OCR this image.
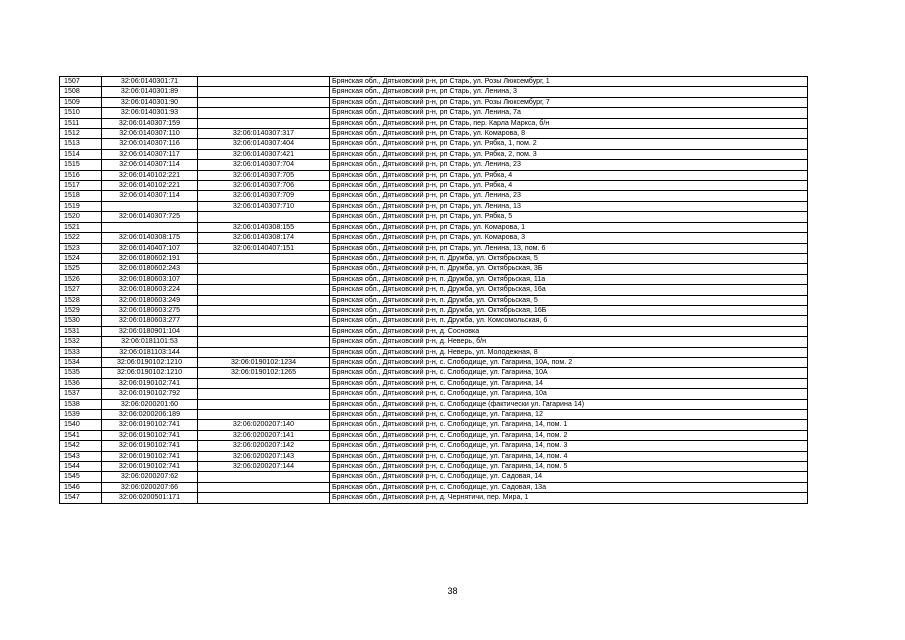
1507	32:06:0140301:71		Брянская обл., Дятьковский р-н, рп Старь, ул. Розы Люксембург, 1
1508	32:06:0140301:89		Брянская обл., Дятьковский р-н, рп Старь, ул. Ленина, 3
1509	32:06:0140301:90		Брянская обл., Дятьковский р-н, рп Старь, ул. Розы Люксембург, 7
1510	32:06:0140301:93		Брянская обл., Дятьковский р-н, рп Старь, ул. Ленина, 7а
1511	32:06:0140307:159		Брянская обл., Дятьковский р-н, рп Старь, пер. Карла Маркса, б/н
1512	32:06:0140307:110	32:06:0140307:317	Брянская обл., Дятьковский р-н, рп Старь, ул. Комарова, 8
1513	32:06:0140307:116	32:06:0140307:404	Брянская обл., Дятьковский р-н, рп Старь, ул. Рябка, 1, пом. 2
1514	32:06:0140307:117	32:06:0140307:421	Брянская обл., Дятьковский р-н, рп Старь, ул. Рябка, 2, пом. 3
1515	32:06:0140307:114	32:06:0140307:704	Брянская обл., Дятьковский р-н, рп Старь, ул. Ленина, 23
1516	32:06:0140102:221	32:06:0140307:705	Брянская обл., Дятьковский р-н, рп Старь, ул. Рябка, 4
1517	32:06:0140102:221	32:06:0140307:706	Брянская обл., Дятьковский р-н, рп Старь, ул. Рябка, 4
1518	32:06:0140307:114	32:06:0140307:709	Брянская обл., Дятьковский р-н, рп Старь, ул. Ленина, 23
1519		32:06:0140307:710	Брянская обл., Дятьковский р-н, рп Старь, ул. Ленина, 13
1520	32:06:0140307:725		Брянская обл., Дятьковский р-н, рп Старь, ул. Рябка, 5
1521		32:06:0140308:155	Брянская обл., Дятьковский р-н, рп Старь, ул. Комарова, 1
1522	32:06:0140308:175	32:06:0140308:174	Брянская обл., Дятьковский р-н, рп Старь, ул. Комарова, 3
1523	32:06:0140407:107	32:06:0140407:151	Брянская обл., Дятьковский р-н, рп Старь, ул. Ленина, 13, пом. 6
1524	32:06:0180602:191		Брянская обл., Дятьковский р-н, п. Дружба, ул. Октябрьская, 5
1525	32:06:0180602:243		Брянская обл., Дятьковский р-н, п. Дружба, ул. Октябрьская, 3Б
1526	32:06:0180603:107		Брянская обл., Дятьковский р-н, п. Дружба, ул. Октябрьская, 11а
1527	32:06:0180603:224		Брянская обл., Дятьковский р-н, п. Дружба, ул. Октябрьская, 16а
1528	32:06:0180603:249		Брянская обл., Дятьковский р-н, п. Дружба, ул. Октябрьская, 5
1529	32:06:0180603:275		Брянская обл., Дятьковский р-н, п. Дружба, ул. Октябрьская, 16Б
1530	32:06:0180603:277		Брянская обл., Дятьковский р-н, п. Дружба, ул. Комсомольская, 6
1531	32:06:0180901:104		Брянская обл., Дятьковский р-н, д. Сосновка
1532	32:06:0181101:53		Брянская обл., Дятьковский р-н, д. Неверь, б/н
1533	32:06:0181103:144		Брянская обл., Дятьковский р-н, д. Неверь, ул. Молодежная, 8
1534	32:06:0190102:1210	32:06:0190102:1234	Брянская обл., Дятьковский р-н, с. Слободище, ул. Гагарина, 10А, пом. 2
1535	32:06:0190102:1210	32:06:0190102:1265	Брянская обл., Дятьковский р-н, с. Слободище, ул. Гагарина, 10А
1536	32:06:0190102:741		Брянская обл., Дятьковский р-н, с. Слободище, ул. Гагарина, 14
1537	32:06:0190102:792		Брянская обл., Дятьковский р-н, с. Слободище, ул. Гагарина, 10а
1538	32:06:0200201:60		Брянская обл., Дятьковский р-н, с. Слободище (фактически ул. Гагарина 14)
1539	32:06:0200206:189		Брянская обл., Дятьковский р-н, с. Слободище, ул. Гагарина, 12
1540	32:06:0190102:741	32:06:0200207:140	Брянская обл., Дятьковский р-н, с. Слободище, ул. Гагарина, 14, пом. 1
1541	32:06:0190102:741	32:06:0200207:141	Брянская обл., Дятьковский р-н, с. Слободище, ул. Гагарина, 14, пом. 2
1542	32:06:0190102:741	32:06:0200207:142	Брянская обл., Дятьковский р-н, с. Слободище, ул. Гагарина, 14, пом. 3
1543	32:06:0190102:741	32:06:0200207:143	Брянская обл., Дятьковский р-н, с. Слободище, ул. Гагарина, 14, пом. 4
1544	32:06:0190102:741	32:06:0200207:144	Брянская обл., Дятьковский р-н, с. Слободище, ул. Гагарина, 14, пом. 5
1545	32:06:0200207:62		Брянская обл., Дятьковский р-н, с. Слободище, ул. Садовая, 14
1546	32:06:0200207:66		Брянская обл., Дятьковский р-н, с. Слободище, ул. Садовая, 13а
1547	32:06:0200501:171		Брянская обл., Дятьковский р-н, д. Чернятичи, пер. Мира, 1
38
